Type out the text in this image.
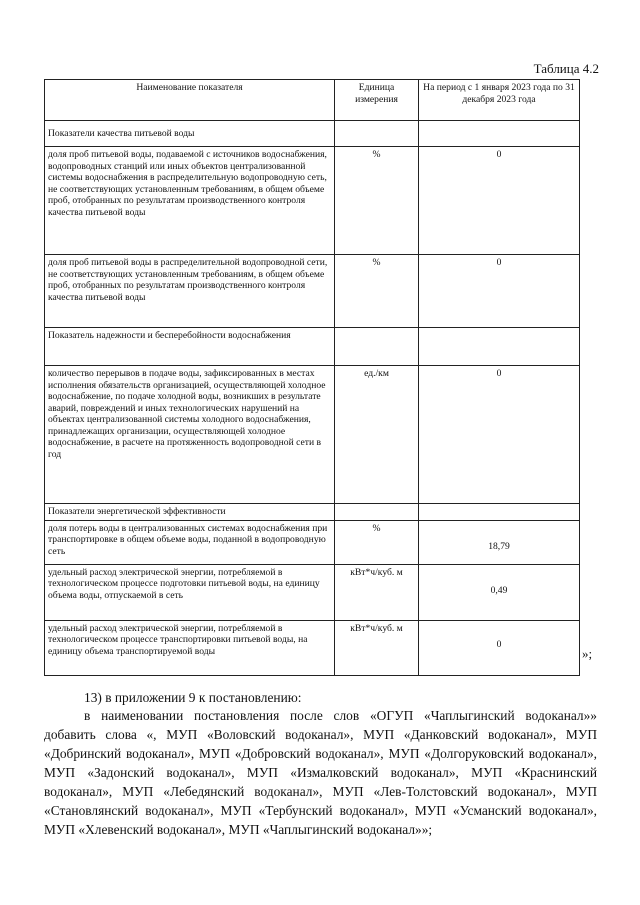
Таблица 4.2
Наименование показателя	Единица измерения	На период с 1 января 2023 года по 31 декабря 2023 года
Показатели качества питьевой воды		
доля проб питьевой воды, подаваемой с источников водоснабжения, водопроводных станций или иных объектов централизованной системы водоснабжения в распределительную водопроводную сеть, не соответствующих установленным требованиям, в общем объеме проб, отобранных по результатам производственного контроля качества питьевой воды	%	0
доля проб питьевой воды в распределительной водопроводной сети, не соответствующих установленным требованиям, в общем объеме проб, отобранных по результатам производственного контроля качества питьевой воды	%	0
Показатель надежности и бесперебойности водоснабжения		
количество перерывов в подаче воды, зафиксированных в местах исполнения обязательств организацией, осуществляющей холодное водоснабжение, по подаче холодной воды, возникших в результате аварий, повреждений и иных технологических нарушений на объектах централизованной системы холодного водоснабжения, принадлежащих организации, осуществляющей холодное водоснабжение, в расчете на протяженность водопроводной сети в год	ед./км	0
Показатели энергетической эффективности		
доля потерь воды в централизованных системах водоснабжения при транспортировке в общем объеме воды, поданной в водопроводную сеть	%	18,79
удельный расход электрической энергии, потребляемой в технологическом процессе подготовки питьевой воды, на единицу объема воды, отпускаемой в сеть	кВт*ч/куб. м	0,49
удельный расход электрической энергии, потребляемой в технологическом процессе транспортировки питьевой воды, на единицу объема транспортируемой воды	кВт*ч/куб. м	0
»;
13) в приложении 9 к постановлению:
в наименовании постановления после слов «ОГУП «Чаплыгинский водоканал»» добавить слова «, МУП «Воловский водоканал», МУП «Данковский водоканал», МУП «Добринский водоканал», МУП «Добровский водоканал», МУП «Долгоруковский водоканал», МУП «Задонский водоканал», МУП «Измалковский водоканал», МУП «Краснинский водоканал», МУП «Лебедянский водоканал», МУП «Лев-Толстовский водоканал», МУП «Становлянский водоканал», МУП «Тербунский водоканал», МУП «Усманский водоканал», МУП «Хлевенский водоканал», МУП «Чаплыгинский водоканал»»;
